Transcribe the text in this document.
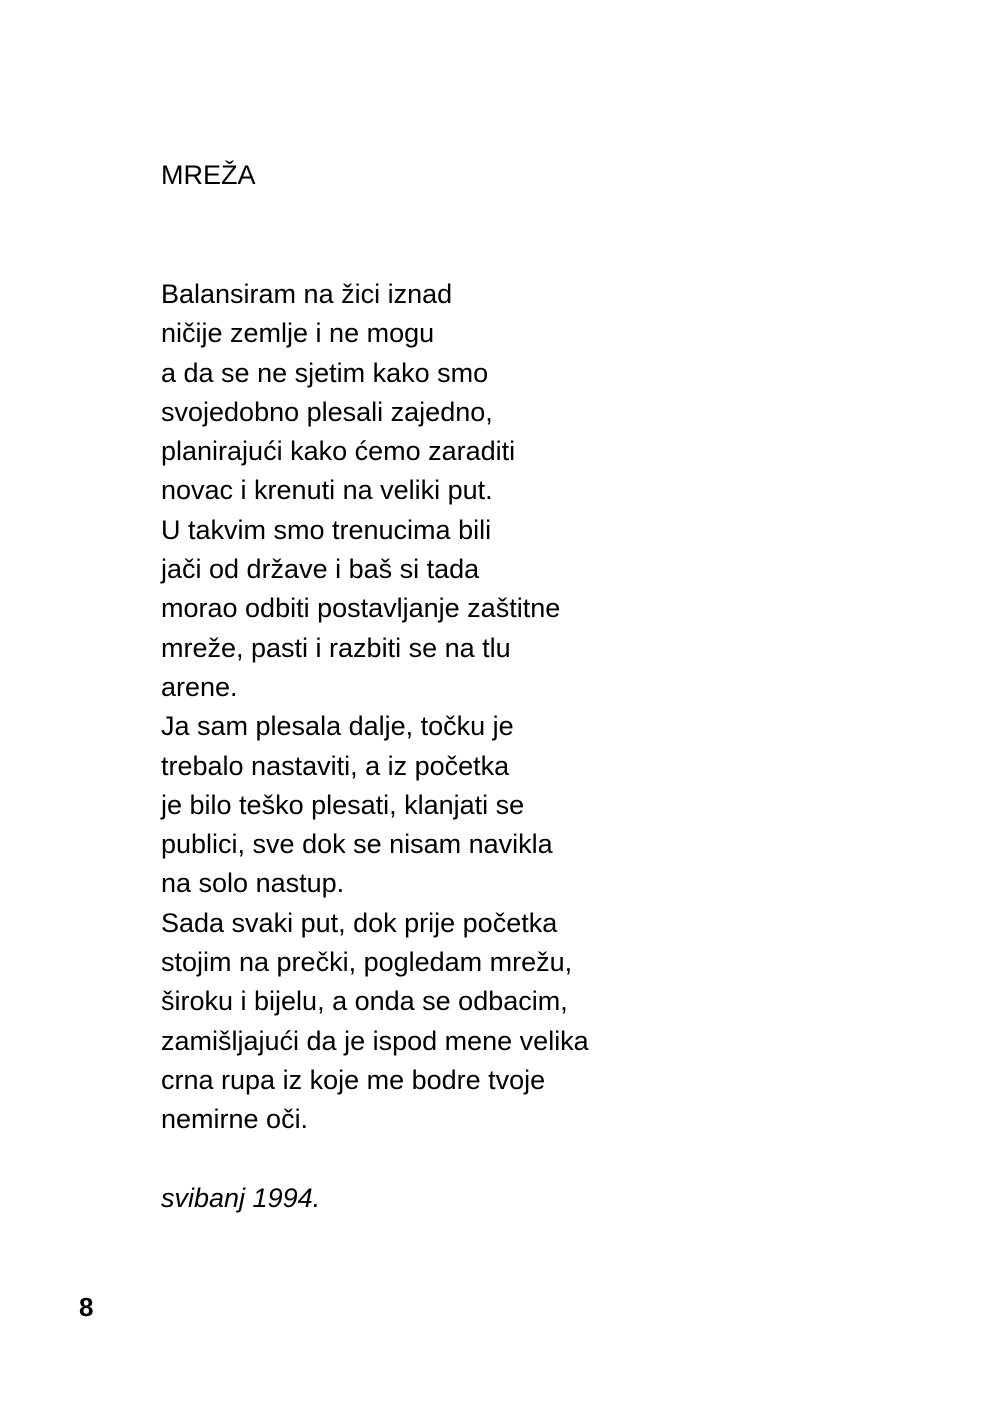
MREŽA
Balansiram na žici iznad
ničije zemlje i ne mogu
a da se ne sjetim kako smo
svojedobno plesali zajedno,
planirajući kako ćemo zaraditi
novac i krenuti na veliki put.
U takvim smo trenucima bili
jači od države i baš si tada
morao odbiti postavljanje zaštitne
mreže, pasti i razbiti se na tlu
arene.
Ja sam plesala dalje, točku je
trebalo nastaviti, a iz početka
je bilo teško plesati, klanjati se
publici, sve dok se nisam navikla
na solo nastup.
Sada svaki put, dok prije početka
stojim na prečki, pogledam mrežu,
široku i bijelu, a onda se odbacim,
zamišljajući da je ispod mene velika
crna rupa iz koje me bodre tvoje
nemirne oči.
svibanj 1994.
8
